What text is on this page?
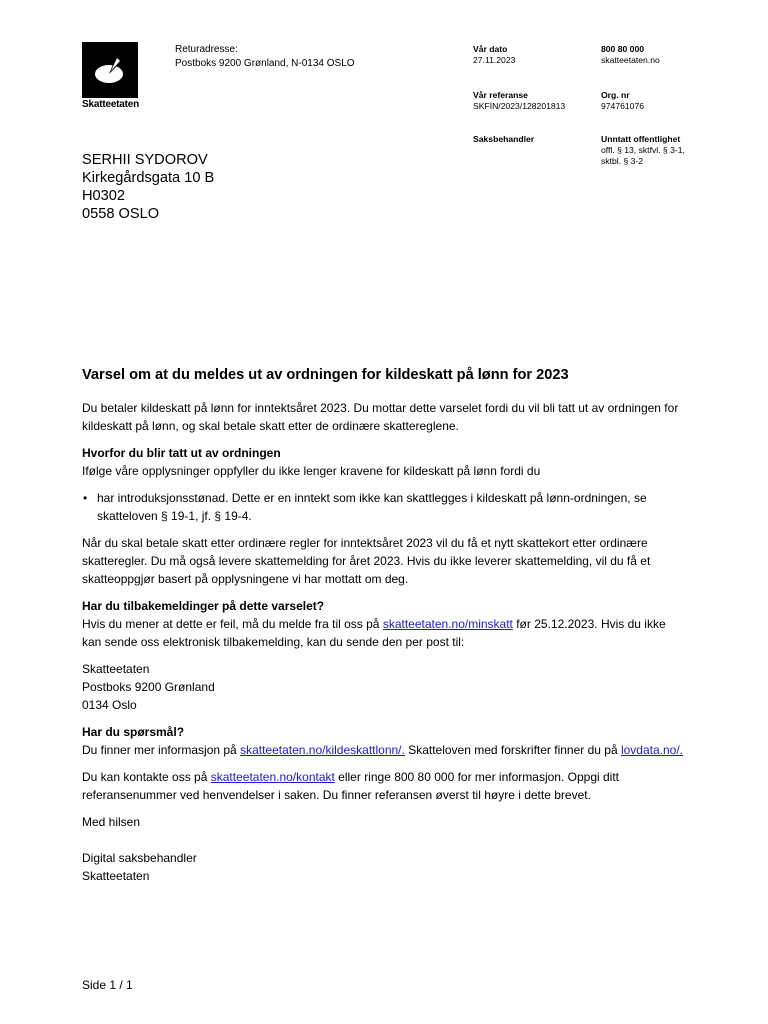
Skatteetaten
Returadresse:
Postboks 9200 Grønland, N-0134 OSLO
Vår dato
27.11.2023
Vår referanse
SKFIN/2023/128201813
Saksbehandler
800 80 000
skatteetaten.no
Org. nr
974761076
Unntatt offentlighet
offl. § 13, sktfvl. § 3-1,
sktbl. § 3-2
SERHII SYDOROV
Kirkegårdsgata 10 B
H0302
0558 OSLO
Varsel om at du meldes ut av ordningen for kildeskatt på lønn for 2023

Du betaler kildeskatt på lønn for inntektsåret 2023. Du mottar dette varselet fordi du vil bli tatt ut av ordningen for

kildeskatt på lønn, og skal betale skatt etter de ordinære skattereglene.

Hvorfor du blir tatt ut av ordningen

Ifølge våre opplysninger oppfyller du ikke lenger kravene for kildeskatt på lønn fordi du

• har introduksjonsstønad. Dette er en inntekt som ikke kan skattlegges i kildeskatt på lønn-ordningen, se

skatteloven § 19-1, jf. § 19-4.

Når du skal betale skatt etter ordinære regler for inntektsåret 2023 vil du få et nytt skattekort etter ordinære

skatteregler. Du må også levere skattemelding for året 2023. Hvis du ikke leverer skattemelding, vil du få et

skatteoppgjør basert på opplysningene vi har mottatt om deg.

Har du tilbakemeldinger på dette varselet?

Hvis du mener at dette er feil, må du melde fra til oss på skatteetaten.no/minskatt før 25.12.2023. Hvis du ikke

kan sende oss elektronisk tilbakemelding, kan du sende den per post til:

Skatteetaten

Postboks 9200 Grønland

0134 Oslo

Har du spørsmål?

Du finner mer informasjon på skatteetaten.no/kildeskattlonn/. Skatteloven med forskrifter finner du på lovdata.no/.

Du kan kontakte oss på skatteetaten.no/kontakt eller ringe 800 80 000 for mer informasjon. Oppgi ditt

referansenummer ved henvendelser i saken. Du finner referansen øverst til høyre i dette brevet.

Med hilsen

Digital saksbehandler

Skatteetaten

Side 1 / 1
